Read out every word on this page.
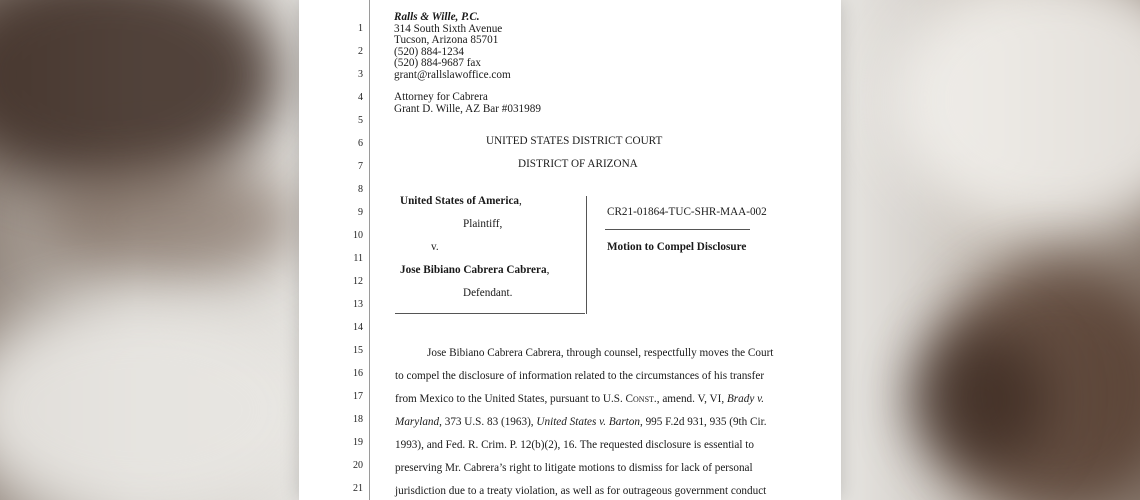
1
2
3
4
5
6
7
8
9
10
11
12
13
14
15
16
17
18
19
20
21
Ralls & Wille, P.C.
314 South Sixth Avenue
Tucson, Arizona 85701
(520) 884-1234
(520) 884-9687 fax
grant@rallslawoffice.com
Attorney for Cabrera
Grant D. Wille, AZ Bar #031989
UNITED STATES DISTRICT COURT
DISTRICT OF ARIZONA
United States of America,
Plaintiff,
v.
Jose Bibiano Cabrera Cabrera,
Defendant.
CR21-01864-TUC-SHR-MAA-002
Motion to Compel Disclosure
Jose Bibiano Cabrera Cabrera, through counsel, respectfully moves the Court
to compel the disclosure of information related to the circumstances of his transfer
from Mexico to the United States, pursuant to U.S. Const., amend. V, VI, Brady v.
Maryland, 373 U.S. 83 (1963), United States v. Barton, 995 F.2d 931, 935 (9th Cir.
1993), and Fed. R. Crim. P. 12(b)(2), 16. The requested disclosure is essential to
preserving Mr. Cabrera’s right to litigate motions to dismiss for lack of personal
jurisdiction due to a treaty violation, as well as for outrageous government conduct
